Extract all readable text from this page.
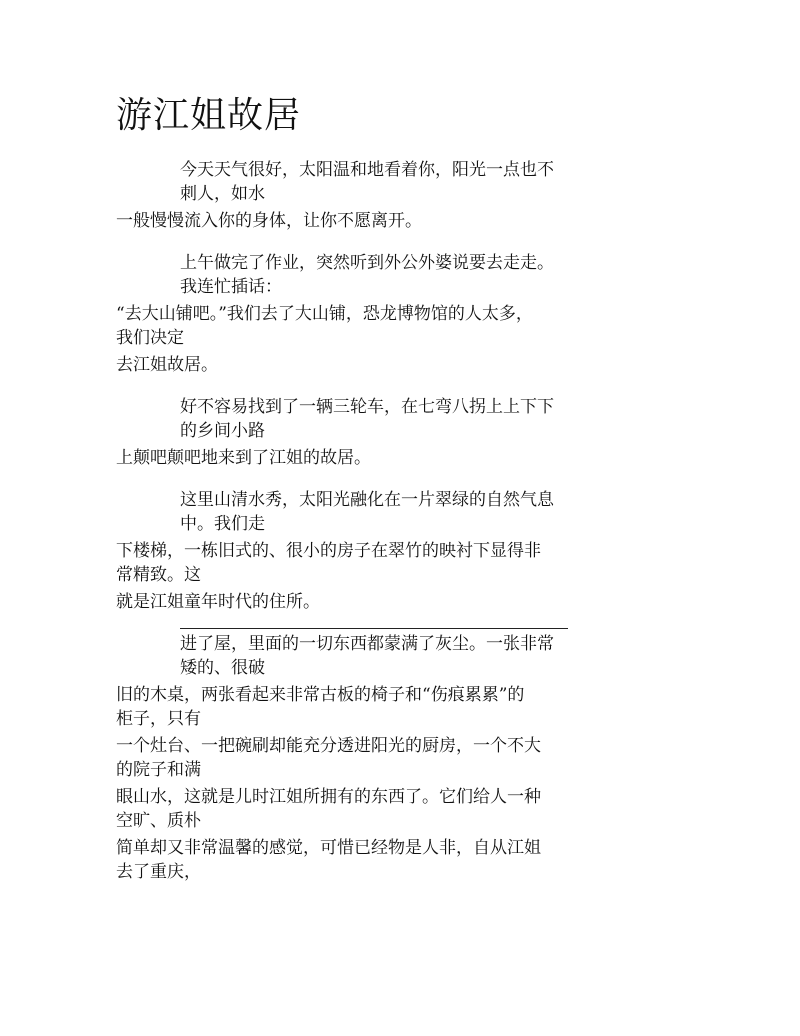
游江姐故居

今天天气很好，太阳温和地看着你，阳光一点也不

刺人，如水

一般慢慢流入你的身体，让你不愿离开。

上午做完了作业，突然听到外公外婆说要去走走。

我连忙插话：

“去大山铺吧。”我们去了大山铺，恐龙博物馆的人太多，

我们决定

去江姐故居。

好不容易找到了一辆三轮车，在七弯八拐上上下下

的乡间小路

上颠吧颠吧地来到了江姐的故居。

这里山清水秀，太阳光融化在一片翠绿的自然气息

中。我们走

下楼梯，一栋旧式的、很小的房子在翠竹的映衬下显得非

常精致。这

就是江姐童年时代的住所。

进了屋，里面的一切东西都蒙满了灰尘。一张非常

矮的、很破

旧的木桌，两张看起来非常古板的椅子和“伤痕累累”的

柜子，只有

一个灶台、一把碗刷却能充分透进阳光的厨房，一个不大

的院子和满

眼山水，这就是儿时江姐所拥有的东西了。它们给人一种

空旷、质朴

简单却又非常温馨的感觉，可惜已经物是人非，自从江姐

去了重庆，
